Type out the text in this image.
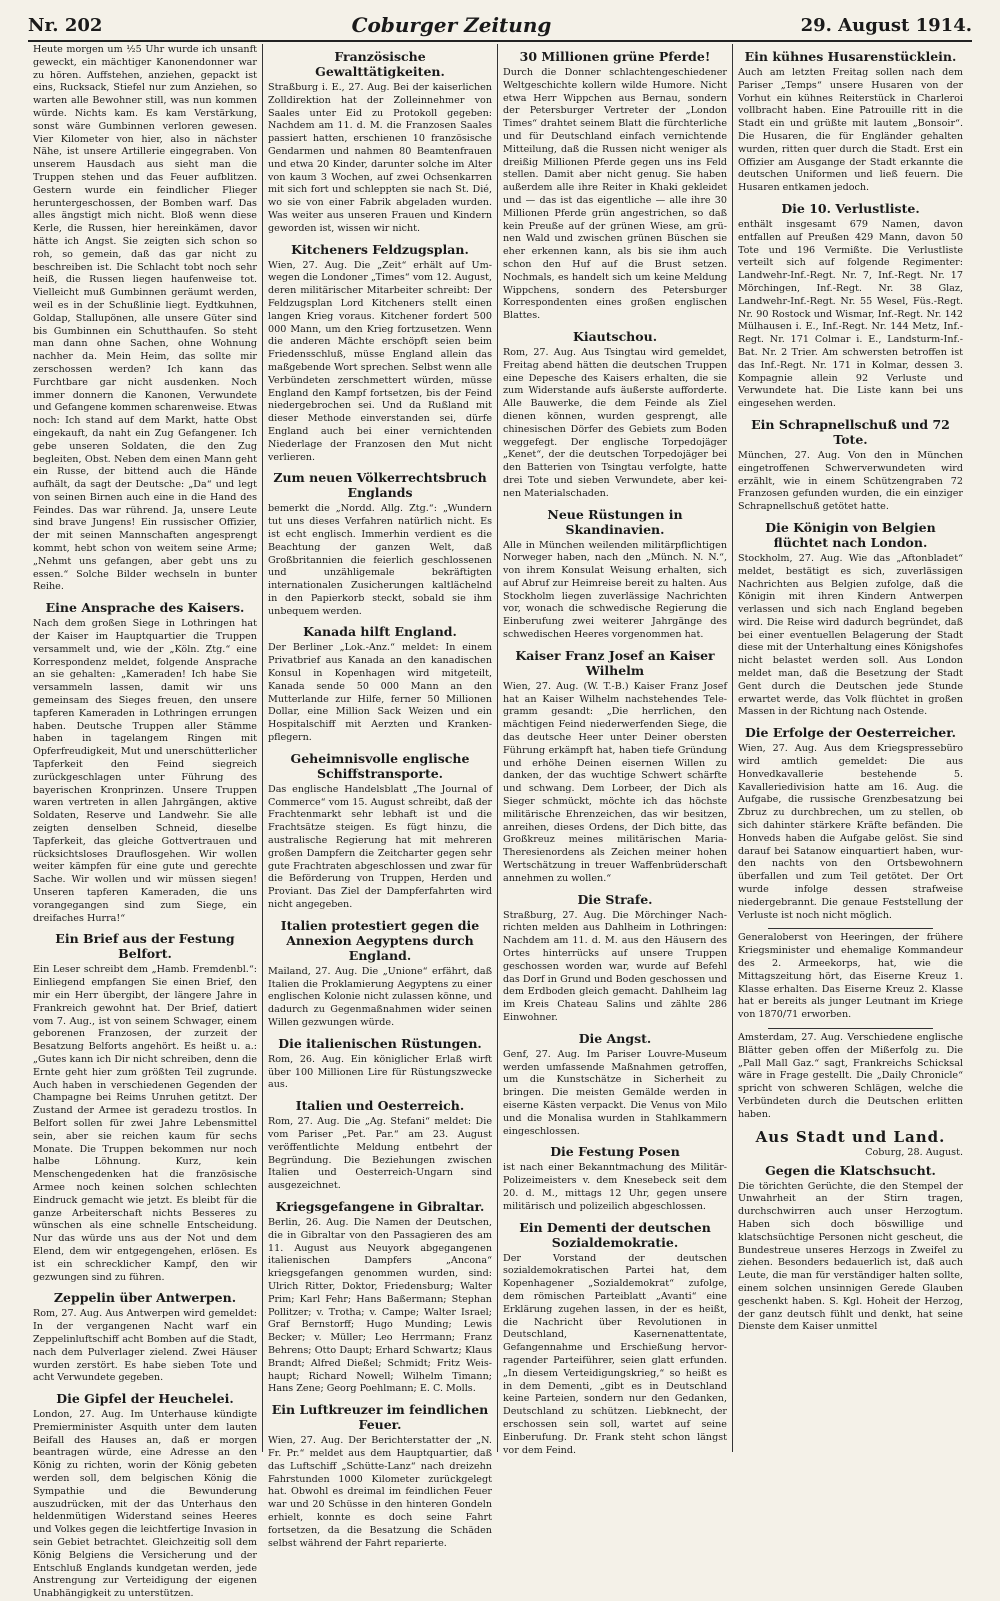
Nr. 202	Coburger Zeitung	29. August 1914.

Heute morgen um ½5 Uhr wurde ich unsanft geweckt, ein mächtiger Kanonendonner war zu hören. Auffstehen, anziehen, gepackt ist eins, Rucksack, Stiefel nur zum Anziehen, so warten alle Bewohner still, was nun kommen würde. Nichts kam. Es kam Verstärkung, sonst wäre Gumbinnen verloren gewesen. Vier Kilometer von hier, also in nächster Nähe, ist unsere Artillerie eingegraben. Von unserem Hausdach aus sieht man die Truppen stehen und das Feuer aufblitzen. Gestern wurde ein feindlicher Flieger heruntergeschossen, der Bomben warf. Das alles ängstigt mich nicht. Bloß wenn diese Kerle, die Russen, hier hereinkämen, davor hätte ich Angst. Sie zeigten sich schon so roh, so gemein, daß das gar nicht zu beschreiben ist. Die Schlacht tobt noch sehr heiß, die Russen liegen haufenweise tot. Vielleicht muß Gumbinnen geräumt werden, weil es in der Schußlinie liegt. Eydtkuhnen, Goldap, Stallupönen, alle unsere Güter sind bis Gumbinnen ein Schutthaufen. So steht man dann ohne Sachen, ohne Wohnung nachher da. Mein Heim, das sollte mir zerschossen werden? Ich kann das Furchtbare gar nicht ausdenken. Noch immer donnern die Kanonen, Verwundete und Gefangene kommen scharenweise. Etwas noch: Ich stand auf dem Markt, hatte Obst eingekauft, da naht ein Zug Gefangener. Ich gebe unseren Soldaten, die den Zug begleiten, Obst. Neben dem einen Mann geht ein Russe, der bittend auch die Hände aufhält, da sagt der Deutsche: „Da“ und legt von seinen Birnen auch eine in die Hand des Feindes. Das war rührend. Ja, unsere Leute sind brave Jungens! Ein russischer Offizier, der mit seinen Mannschaften angesprengt kommt, hebt schon von weitem seine Arme; „Nehmt uns gefangen, aber gebt uns zu essen.“ Solche Bilder wechseln in bunter Reihe.

Eine Ansprache des Kaisers.

Nach dem großen Siege in Lothringen hat der Kaiser im Hauptquartier die Truppen versammelt und, wie der „Köln. Ztg.“ eine Korrespondenz meldet, folgende Ansprache an sie gehalten: „Kameraden! Ich habe Sie versammeln lassen, damit wir uns gemeinsam des Sieges freuen, den unsere tapferen Kameraden in Lothringen errungen haben. Deutsche Truppen aller Stämme haben in tagelangem Ringen mit Opferfreudigkeit, Mut und unerschütterlicher Tapferkeit den Feind siegreich zurückgeschlagen unter Führung des bayerischen Kronprinzen. Unsere Truppen waren vertreten in allen Jahrgängen, aktive Soldaten, Reserve und Landwehr. Sie alle zeigten denselben Schneid, dieselbe Tapferkeit, das gleiche Gottvertrauen und rücksichtsloses Drauflosgehen. Wir wollen weiter kämpfen für eine gute und gerechte Sache. Wir wollen und wir müssen siegen! Unseren tapferen Kameraden, die uns vorangegangen sind zum Siege, ein dreifaches Hurra!“

Ein Brief aus der Festung Belfort.

Ein Leser schreibt dem „Hamb. Fremdenbl.“: Einliegend empfangen Sie einen Brief, den mir ein Herr übergibt, der längere Jahre in Frankreich gewohnt hat. Der Brief, datiert vom 7. Aug., ist von seinem Schwager, einem geborenen Franzosen, der zurzeit der Besatzung Belforts angehört. Es heißt u. a.: „Gutes kann ich Dir nicht schreiben, denn die Ernte geht hier zum größten Teil zugrunde. Auch haben in verschiedenen Gegenden der Champagne bei Reims Unruhen getitzt. Der Zustand der Armee ist geradezu trostlos. In Belfort sollen für zwei Jahre Lebensmittel sein, aber sie reichen kaum für sechs Monate. Die Truppen bekommen nur noch halbe Löhnung. Kurz, kein Menschengedenken hat die französische Armee noch keinen solchen schlechten Eindruck gemacht wie jetzt. Es bleibt für die ganze Arbeiterschaft nichts Besseres zu wünschen als eine schnelle Entscheidung. Nur das würde uns aus der Not und dem Elend, dem wir entgegengehen, erlösen. Es ist ein schrecklicher Kampf, den wir gezwungen sind zu führen.

Zeppelin über Antwerpen.

Rom, 27. Aug. Aus Antwerpen wird gemeldet: In der vergangenen Nacht warf ein Zeppelinluftschiff acht Bomben auf die Stadt, nach dem Pulverlager zielend. Zwei Häuser wurden zerstört. Es habe sieben Tote und acht Verwundete gegeben.

Die Gipfel der Heuchelei.

London, 27. Aug. Im Unterhause kündigte Premierminister Asquith unter dem lauten Beifall des Hauses an, daß er morgen beantragen würde, eine Adresse an den König zu richten, worin der König gebeten werden soll, dem belgischen König die Sympathie und die Bewunderung auszudrücken, mit der das Unterhaus den heldenmütigen Widerstand seines Heeres und Volkes gegen die leichtfertige Invasion in sein Gebiet betrachtet. Gleichzeitig soll dem König Belgiens die Versicherung und der Entschluß Englands kundgetan werden, jede Anstrengung zur Verteidigung der eigenen Unabhängigkeit zu unterstützen.

Französische Gewalttätigkeiten.

Straßburg i. E., 27. Aug. Bei der kaiserlichen Zolldirektion hat der Zolleinnehmer von Saales unter Eid zu Protokoll gegeben: Nachdem am 11. d. M. die Franzosen Saales passiert hatten, erschienen 10 französische Gendarmen und nahmen 80 Beamtenfrauen und etwa 20 Kinder, darunter solche im Alter von kaum 3 Wochen, auf zwei Ochsenkarren mit sich fort und schleppten sie nach St. Dié, wo sie von einer Fabrik abgeladen wurden. Was weiter aus unseren Frauen und Kindern geworden ist, wissen wir nicht.

Kitcheners Feldzugsplan.

Wien, 27. Aug. Die „Zeit“ erhält auf Umwegen die Londoner „Times“ vom 12. August, deren militärischer Mitarbeiter schreibt: Der Feldzugsplan Lord Kitcheners stellt einen langen Krieg voraus. Kitchener fordert 500 000 Mann, um den Krieg fortzusetzen. Wenn die anderen Mächte erschöpft seien beim Friedensschluß, müsse England allein das maßgebende Wort sprechen. Selbst wenn alle Verbündeten zerschmettert würden, müsse England den Kampf fortsetzen, bis der Feind niedergebrochen sei. Und da Rußland mit dieser Methode einverstanden sei, dürfe England auch bei einer vernichtenden Niederlage der Franzosen den Mut nicht verlieren.

Zum neuen Völkerrechtsbruch Englands

bemerkt die „Nordd. Allg. Ztg.“: „Wundern tut uns dieses Verfahren natürlich nicht. Es ist echt englisch. Immerhin verdient es die Beachtung der ganzen Welt, daß Großbritannien die feierlich geschlossenen und unzähligemale bekräftigten internationalen Zusicherungen kaltlächelnd in den Papierkorb steckt, sobald sie ihm unbequem werden.

Kanada hilft England.

Der Berliner „Lok.-Anz.“ meldet: In einem Privatbrief aus Kanada an den kanadischen Konsul in Kopenhagen wird mitgeteilt, Kanada sende 50 000 Mann an den Mutterlande zur Hilfe, ferner 50 Millionen Dollar, eine Million Sack Weizen und ein Hospitalschiff mit Aerzten und Krankenpflegern.

Geheimnisvolle englische Schiffstransporte.

Das englische Handelsblatt „The Journal of Commerce“ vom 15. August schreibt, daß der Frachtenmarkt sehr lebhaft ist und die Frachtsätze steigen. Es fügt hinzu, die australische Regierung hat mit mehreren großen Dampfern die Zeitcharter gegen sehr gute Frachtraten abgeschlossen und zwar für die Beförderung von Truppen, Herden und Proviant. Das Ziel der Dampferfahrten wird nicht angegeben.

Italien protestiert gegen die Annexion Aegyptens durch England.

Mailand, 27. Aug. Die „Unione“ erfährt, daß Italien die Proklamierung Aegyptens zu einer englischen Kolonie nicht zulassen könne, und dadurch zu Gegenmaßnahmen wider seinen Willen gezwungen würde.

Die italienischen Rüstungen.

Rom, 26. Aug. Ein königlicher Erlaß wirft über 100 Millionen Lire für Rüstungszwecke aus.

Italien und Oesterreich.

Rom, 27. Aug. Die „Ag. Stefani“ meldet: Die vom Pariser „Pet. Par.“ am 23. August veröffentlichte Meldung entbehrt der Begründung. Die Beziehungen zwischen Italien und Oesterreich-Ungarn sind ausgezeichnet.

Kriegsgefangene in Gibraltar.

Berlin, 26. Aug. Die Namen der Deutschen, die in Gibraltar von den Passagieren des am 11. August aus Neuyork abgegangenen italienischen Dampfers „Ancona“ kriegsgefangen genommen wurden, sind: Ulrich Ritter, Doktor, Friedensburg; Walter Prim; Karl Fehr; Hans Baßermann; Stephan Pollitzer; v. Trotha; v. Campe; Walter Israel; Graf Bernstorff; Hugo Munding; Lewis Becker; v. Müller; Leo Herrmann; Franz Behrens; Otto Daupt; Erhard Schwartz; Klaus Brandt; Alfred Dießel; Schmidt; Fritz Weishaupt; Richard Nowell; Wilhelm Timann; Hans Zene; Georg Poehlmann; E. C. Molls.

Ein Luftkreuzer im feindlichen Feuer.

Wien, 27. Aug. Der Berichterstatter der „N. Fr. Pr.“ meldet aus dem Hauptquartier, daß das Luftschiff „Schütte-Lanz“ nach dreizehn Fahrstunden 1000 Kilometer zurückgelegt hat. Obwohl es dreimal im feindlichen Feuer war und 20 Schüsse in den hinteren Gondeln erhielt, konnte es doch seine Fahrt fortsetzen, da die Besatzung die Schäden selbst während der Fahrt reparierte.

30 Millionen grüne Pferde!

Durch die Donner schlachtengeschiedener Weltgeschichte kollern wilde Humore. Nicht etwa Herr Wippchen aus Bernau, sondern der Petersburger Vertreter der „London Times“ drahtet seinem Blatt die fürchterliche und für Deutschland einfach vernichtende Mitteilung, daß die Russen nicht weniger als dreißig Millionen Pferde gegen uns ins Feld stellen. Damit aber nicht genug. Sie haben außerdem alle ihre Reiter in Khaki gekleidet und — das ist das eigentliche — alle ihre 30 Millionen Pferde grün angestrichen, so daß kein Preuße auf der grünen Wiese, am grünen Wald und zwischen grünen Büschen sie eher erkennen kann, als bis sie ihm auch schon den Huf auf die Brust setzen. Nochmals, es handelt sich um keine Meldung Wippchens, sondern des Petersburger Korrespondenten eines großen englischen Blattes.

Kiautschou.

Rom, 27. Aug. Aus Tsingtau wird gemeldet, Freitag abend hätten die deutschen Truppen eine Depesche des Kaisers erhalten, die sie zum Widerstande aufs äußerste aufforderte. Alle Bauwerke, die dem Feinde als Ziel dienen können, wurden gesprengt, alle chinesischen Dörfer des Gebiets zum Boden weggefegt. Der englische Torpedojäger „Kenet“, der die deutschen Torpedojäger bei den Batterien von Tsingtau verfolgte, hatte drei Tote und sieben Verwundete, aber keinen Materialschaden.

Neue Rüstungen in Skandinavien.

Alle in München weilenden militärpflichtigen Norweger haben, nach den „Münch. N. N.“, von ihrem Konsulat Weisung erhalten, sich auf Abruf zur Heimreise bereit zu halten. Aus Stockholm liegen zuverlässige Nachrichten vor, wonach die schwedische Regierung die Einberufung zwei weiterer Jahrgänge des schwedischen Heeres vorgenommen hat.

Kaiser Franz Josef an Kaiser Wilhelm

Wien, 27. Aug. (W. T.-B.) Kaiser Franz Josef hat an Kaiser Wilhelm nachstehendes Telegramm gesandt: „Die herrlichen, den mächtigen Feind niederwerfenden Siege, die das deutsche Heer unter Deiner obersten Führung erkämpft hat, haben tiefe Gründung und erhöhe Deinen eisernen Willen zu danken, der das wuchtige Schwert schärfte und schwang. Dem Lorbeer, der Dich als Sieger schmückt, möchte ich das höchste militärische Ehrenzeichen, das wir besitzen, anreihen, dieses Ordens, der Dich bitte, das Großkreuz meines militärischen Maria-Theresienordens als Zeichen meiner hohen Wertschätzung in treuer Waffenbrüderschaft annehmen zu wollen.“

Die Strafe.

Straßburg, 27. Aug. Die Mörchinger Nachrichten melden aus Dahlheim in Lothringen: Nachdem am 11. d. M. aus den Häusern des Ortes hinterrücks auf unsere Truppen geschossen worden war, wurde auf Befehl das Dorf in Grund und Boden geschossen und dem Erdboden gleich gemacht. Dahlheim lag im Kreis Chateau Salins und zählte 286 Einwohner.

Die Angst.

Genf, 27. Aug. Im Pariser Louvre-Museum werden umfassende Maßnahmen getroffen, um die Kunstschätze in Sicherheit zu bringen. Die meisten Gemälde werden in eiserne Kästen verpackt. Die Venus von Milo und die Monalisa wurden in Stahlkammern eingeschlossen.

Die Festung Posen

ist nach einer Bekanntmachung des Militär-Polizeimeisters v. dem Knesebeck seit dem 20. d. M., mittags 12 Uhr, gegen unsere militärisch und polizeilich abgeschlossen.

Ein Dementi der deutschen Sozialdemokratie.

Der Vorstand der deutschen sozialdemokratischen Partei hat, dem Kopenhagener „Sozialdemokrat“ zufolge, dem römischen Parteiblatt „Avanti“ eine Erklärung zugehen lassen, in der es heißt, die Nachricht über Revolutionen in Deutschland, Kasernenattentate, Gefangennahme und Erschießung hervorragender Parteiführer, seien glatt erfunden. „In diesem Verteidigungskrieg,“ so heißt es in dem Dementi, „gibt es in Deutschland keine Parteien, sondern nur den Gedanken, Deutschland zu schützen. Liebknecht, der erschossen sein soll, wartet auf seine Einberufung. Dr. Frank steht schon längst vor dem Feind.

Ein kühnes Husarenstücklein.

Auch am letzten Freitag sollen nach dem Pariser „Temps“ unsere Husaren von der Vorhut ein kühnes Reiterstück in Charleroi vollbracht haben. Eine Patrouille ritt in die Stadt ein und grüßte mit lautem „Bonsoir“. Die Husaren, die für Engländer gehalten wurden, ritten quer durch die Stadt. Erst ein Offizier am Ausgange der Stadt erkannte die deutschen Uniformen und ließ feuern. Die Husaren entkamen jedoch.

Die 10. Verlustliste.

enthält insgesamt 679 Namen, davon entfallen auf Preußen 429 Mann, davon 50 Tote und 196 Vermißte. Die Verlustliste verteilt sich auf folgende Regimenter: Landwehr-Inf.-Regt. Nr. 7, Inf.-Regt. Nr. 17 Mörchingen, Inf.-Regt. Nr. 38 Glaz, Landwehr-Inf.-Regt. Nr. 55 Wesel, Füs.-Regt. Nr. 90 Rostock und Wismar, Inf.-Regt. Nr. 142 Mülhausen i. E., Inf.-Regt. Nr. 144 Metz, Inf.-Regt. Nr. 171 Colmar i. E., Landsturm-Inf.-Bat. Nr. 2 Trier. Am schwersten betroffen ist das Inf.-Regt. Nr. 171 in Kolmar, dessen 3. Kompagnie allein 92 Verluste und Verwundete hat. Die Liste kann bei uns eingesehen werden.

Ein Schrapnellschuß und 72 Tote.

München, 27. Aug. Von den in München eingetroffenen Schwerverwundeten wird erzählt, wie in einem Schützengraben 72 Franzosen gefunden wurden, die ein einziger Schrapnellschuß getötet hatte.

Die Königin von Belgien flüchtet nach London.

Stockholm, 27. Aug. Wie das „Aftonbladet“ meldet, bestätigt es sich, zuverlässigen Nachrichten aus Belgien zufolge, daß die Königin mit ihren Kindern Antwerpen verlassen und sich nach England begeben wird. Die Reise wird dadurch begründet, daß bei einer eventuellen Belagerung der Stadt diese mit der Unterhaltung eines Königshofes nicht belastet werden soll. Aus London meldet man, daß die Besetzung der Stadt Gent durch die Deutschen jede Stunde erwartet werde, das Volk flüchtet in großen Massen in der Richtung nach Ostende.

Die Erfolge der Oesterreicher.

Wien, 27. Aug. Aus dem Kriegspressebüro wird amtlich gemeldet: Die aus Honvedkavallerie bestehende 5. Kavalleriedivision hatte am 16. Aug. die Aufgabe, die russische Grenzbesatzung bei Zbruz zu durchbrechen, um zu stellen, ob sich dahinter stärkere Kräfte befänden. Die Honveds haben die Aufgabe gelöst. Sie sind darauf bei Satanow einquartiert haben, wurden nachts von den Ortsbewohnern überfallen und zum Teil getötet. Der Ort wurde infolge dessen strafweise niedergebrannt. Die genaue Feststellung der Verluste ist noch nicht möglich.

Generaloberst von Heeringen, der frühere Kriegsminister und ehemalige Kommandeur des 2. Armeekorps, hat, wie die Mittagszeitung hört, das Eiserne Kreuz 1. Klasse erhalten. Das Eiserne Kreuz 2. Klasse hat er bereits als junger Leutnant im Kriege von 1870/71 erworben.

Amsterdam, 27. Aug. Verschiedene englische Blätter geben offen der Mißerfolg zu. Die „Pall Mall Gaz.“ sagt, Frankreichs Schicksal wäre in Frage gestellt. Die „Daily Chronicle“ spricht von schweren Schlägen, welche die Verbündeten durch die Deutschen erlitten haben.

Aus Stadt und Land.
Coburg, 28. August.
Gegen die Klatschsucht.

Die törichten Gerüchte, die den Stempel der Unwahrheit an der Stirn tragen, durchschwirren auch unser Herzogtum. Haben sich doch böswillige und klatschsüchtige Personen nicht gescheut, die Bundestreue unseres Herzogs in Zweifel zu ziehen. Besonders bedauerlich ist, daß auch Leute, die man für verständiger halten sollte, einem solchen unsinnigen Gerede Glauben geschenkt haben. S. Kgl. Hoheit der Herzog, der ganz deutsch fühlt und denkt, hat seine Dienste dem Kaiser unmittel
